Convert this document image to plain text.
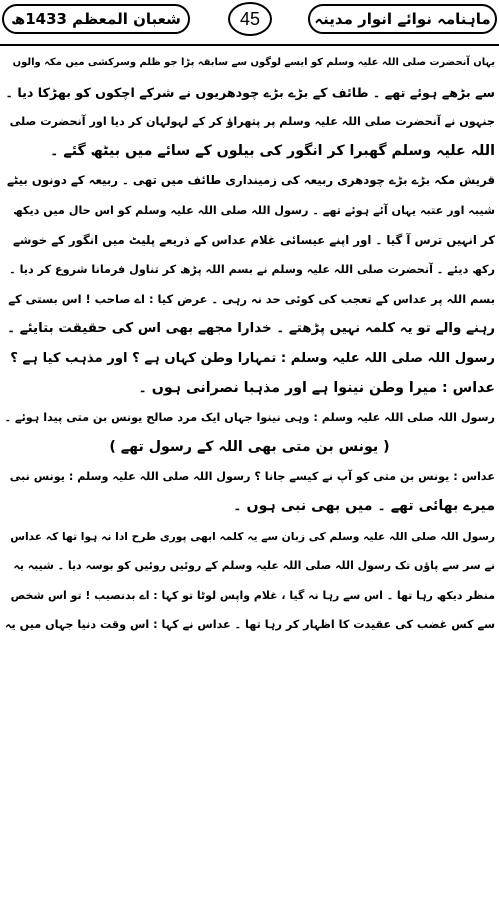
شعبان المعظم 1433ھ	45	ماہنامہ نوائے انوار مدینہ
یہاں آنحضرت صلی اللہ علیہ وسلم کو ایسے لوگوں سے سابقہ پڑا جو ظلم وسرکشی میں مکہ والوں
سے بڑھے ہوئے تھے ۔ طائف کے بڑے بڑے چودھریوں نے شرکے اچکوں کو بھڑکا دیا ۔
جنہوں نے آنحضرت صلی اللہ علیہ وسلم پر پتھراؤ کر کے لہولہان کر دیا اور آنحضرت صلی
اللہ علیہ وسلم گھبرا کر انگور کی بیلوں کے سائے میں بیٹھ گئے ۔
قریش مکہ بڑے بڑے چودھری ربیعہ کی زمینداری طائف میں تھی ۔ ربیعہ کے دونوں بیٹے
شیبہ اور عتبہ یہاں آئے ہوئے تھے ۔ رسول اللہ صلی اللہ علیہ وسلم کو اس حال میں دیکھ
کر انہیں ترس آ گیا ۔ اور اپنے عیسائی غلام عداس کے ذریعے پلیٹ میں انگور کے خوشے
رکھ دیئے ۔ آنحضرت صلی اللہ علیہ وسلم نے بسم اللہ پڑھ کر تناول فرمانا شروع کر دیا ۔
بسم اللہ پر عداس کے تعجب کی کوئی حد نہ رہی ۔ عرض کیا : اے صاحب ! اس بستی کے
رہنے والے تو یہ کلمہ نہیں پڑھتے ۔ خدارا مجھے بھی اس کی حقیقت بتایئے ۔
رسول اللہ صلی اللہ علیہ وسلم : تمہارا وطن کہاں ہے ؟ اور مذہب کیا ہے ؟
عداس : میرا وطن نینوا ہے اور مذہبا نصرانی ہوں ۔
رسول اللہ صلی اللہ علیہ وسلم : وہی نینوا جہاں ایک مرد صالح یونس بن متی پیدا ہوئے ۔
( یونس بن متی بھی اللہ کے رسول تھے )
عداس : یونس بن متی کو آپ نے کیسے جانا ؟ رسول اللہ صلی اللہ علیہ وسلم : یونس نبی
میرے بھائی تھے ۔ میں بھی نبی ہوں ۔
رسول اللہ صلی اللہ علیہ وسلم کی زبان سے یہ کلمہ ابھی پوری طرح ادا نہ ہوا تھا کہ عداس
نے سر سے پاؤں تک رسول اللہ صلی اللہ علیہ وسلم کے روئیں روئیں کو بوسہ دیا ۔ شیبہ یہ
منظر دیکھ رہا تھا ۔ اس سے رہا نہ گیا ، غلام واپس لوٹا تو کہا : اے بدنصیب ! تو اس شخص
سے کس غضب کی عقیدت کا اظہار کر رہا تھا ۔ عداس نے کہا : اس وقت دنیا جہاں میں یہ
